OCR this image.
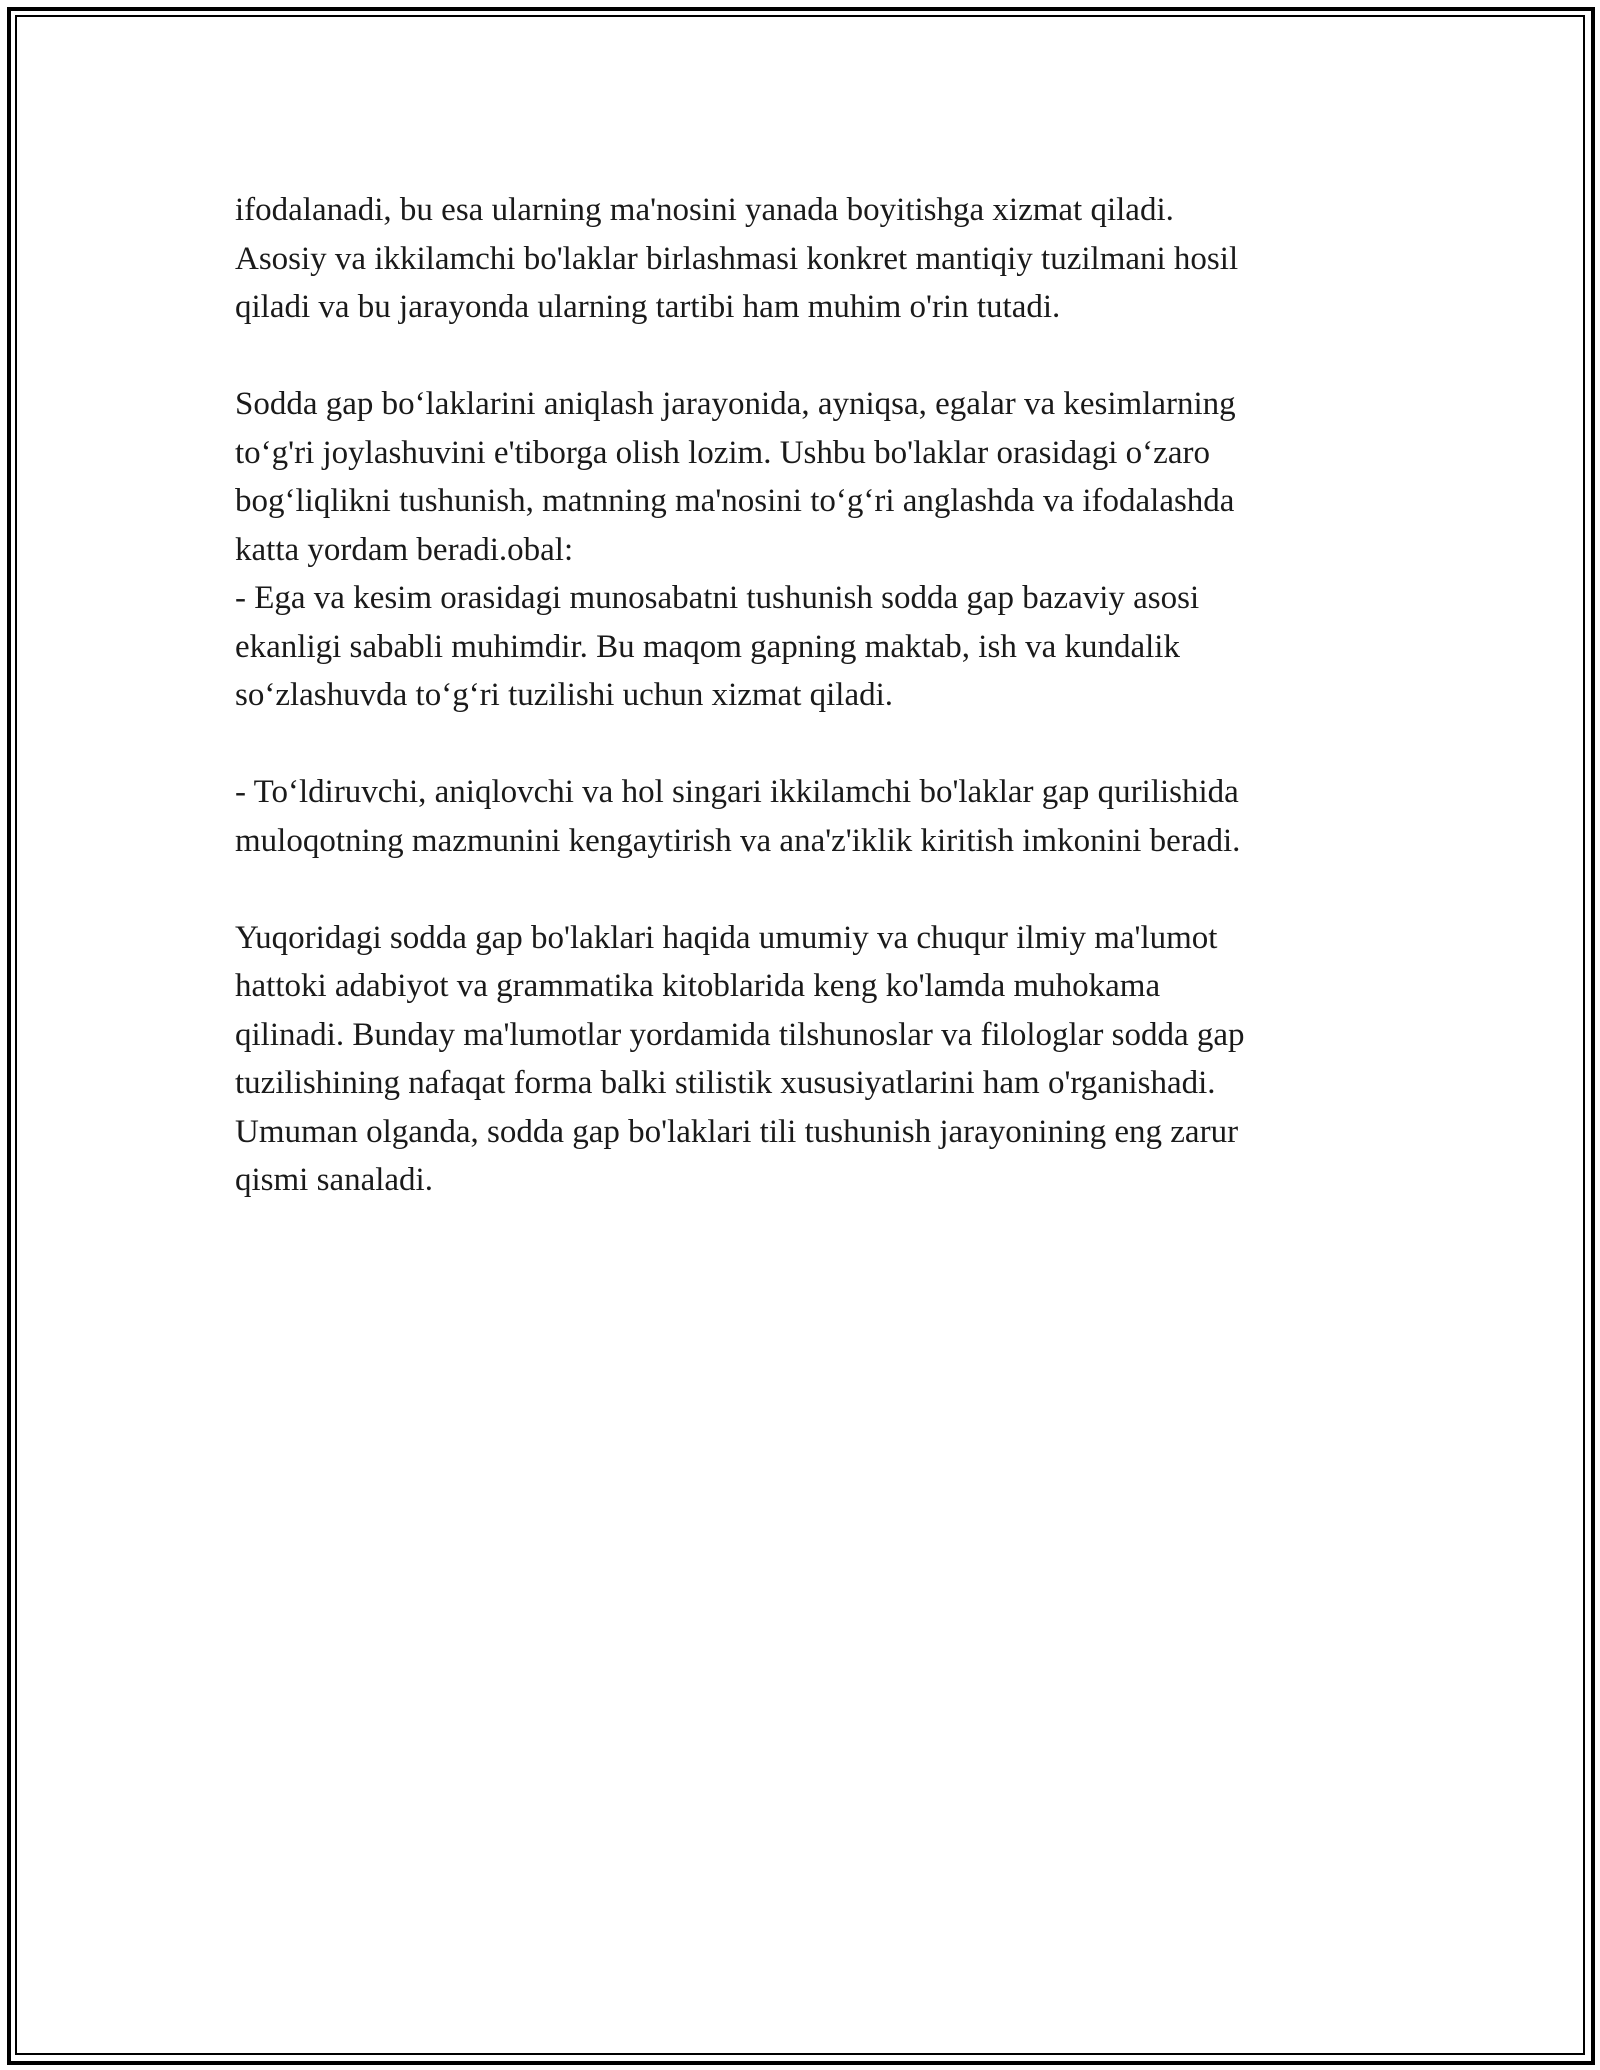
ifodalanadi, bu esa ularning ma'nosini yanada boyitishga xizmat qiladi.
Asosiy va ikkilamchi bo'laklar birlashmasi konkret mantiqiy tuzilmani hosil
qiladi va bu jarayonda ularning tartibi ham muhim o'rin tutadi.
Sodda gap bo‘laklarini aniqlash jarayonida, ayniqsa, egalar va kesimlarning
to‘g'ri joylashuvini e'tiborga olish lozim. Ushbu bo'laklar orasidagi o‘zaro
bog‘liqlikni tushunish, matnning ma'nosini to‘g‘ri anglashda va ifodalashda
katta yordam beradi.obal:
- Ega va kesim orasidagi munosabatni tushunish sodda gap bazaviy asosi
ekanligi sababli muhimdir. Bu maqom gapning maktab, ish va kundalik
so‘zlashuvda to‘g‘ri tuzilishi uchun xizmat qiladi.
- To‘ldiruvchi, aniqlovchi va hol singari ikkilamchi bo'laklar gap qurilishida
muloqotning mazmunini kengaytirish va ana'z'iklik kiritish imkonini beradi.
Yuqoridagi sodda gap bo'laklari haqida umumiy va chuqur ilmiy ma'lumot
hattoki adabiyot va grammatika kitoblarida keng ko'lamda muhokama
qilinadi. Bunday ma'lumotlar yordamida tilshunoslar va filologlar sodda gap
tuzilishining nafaqat forma balki stilistik xususiyatlarini ham o'rganishadi.
Umuman olganda, sodda gap bo'laklari tili tushunish jarayonining eng zarur
qismi sanaladi.
